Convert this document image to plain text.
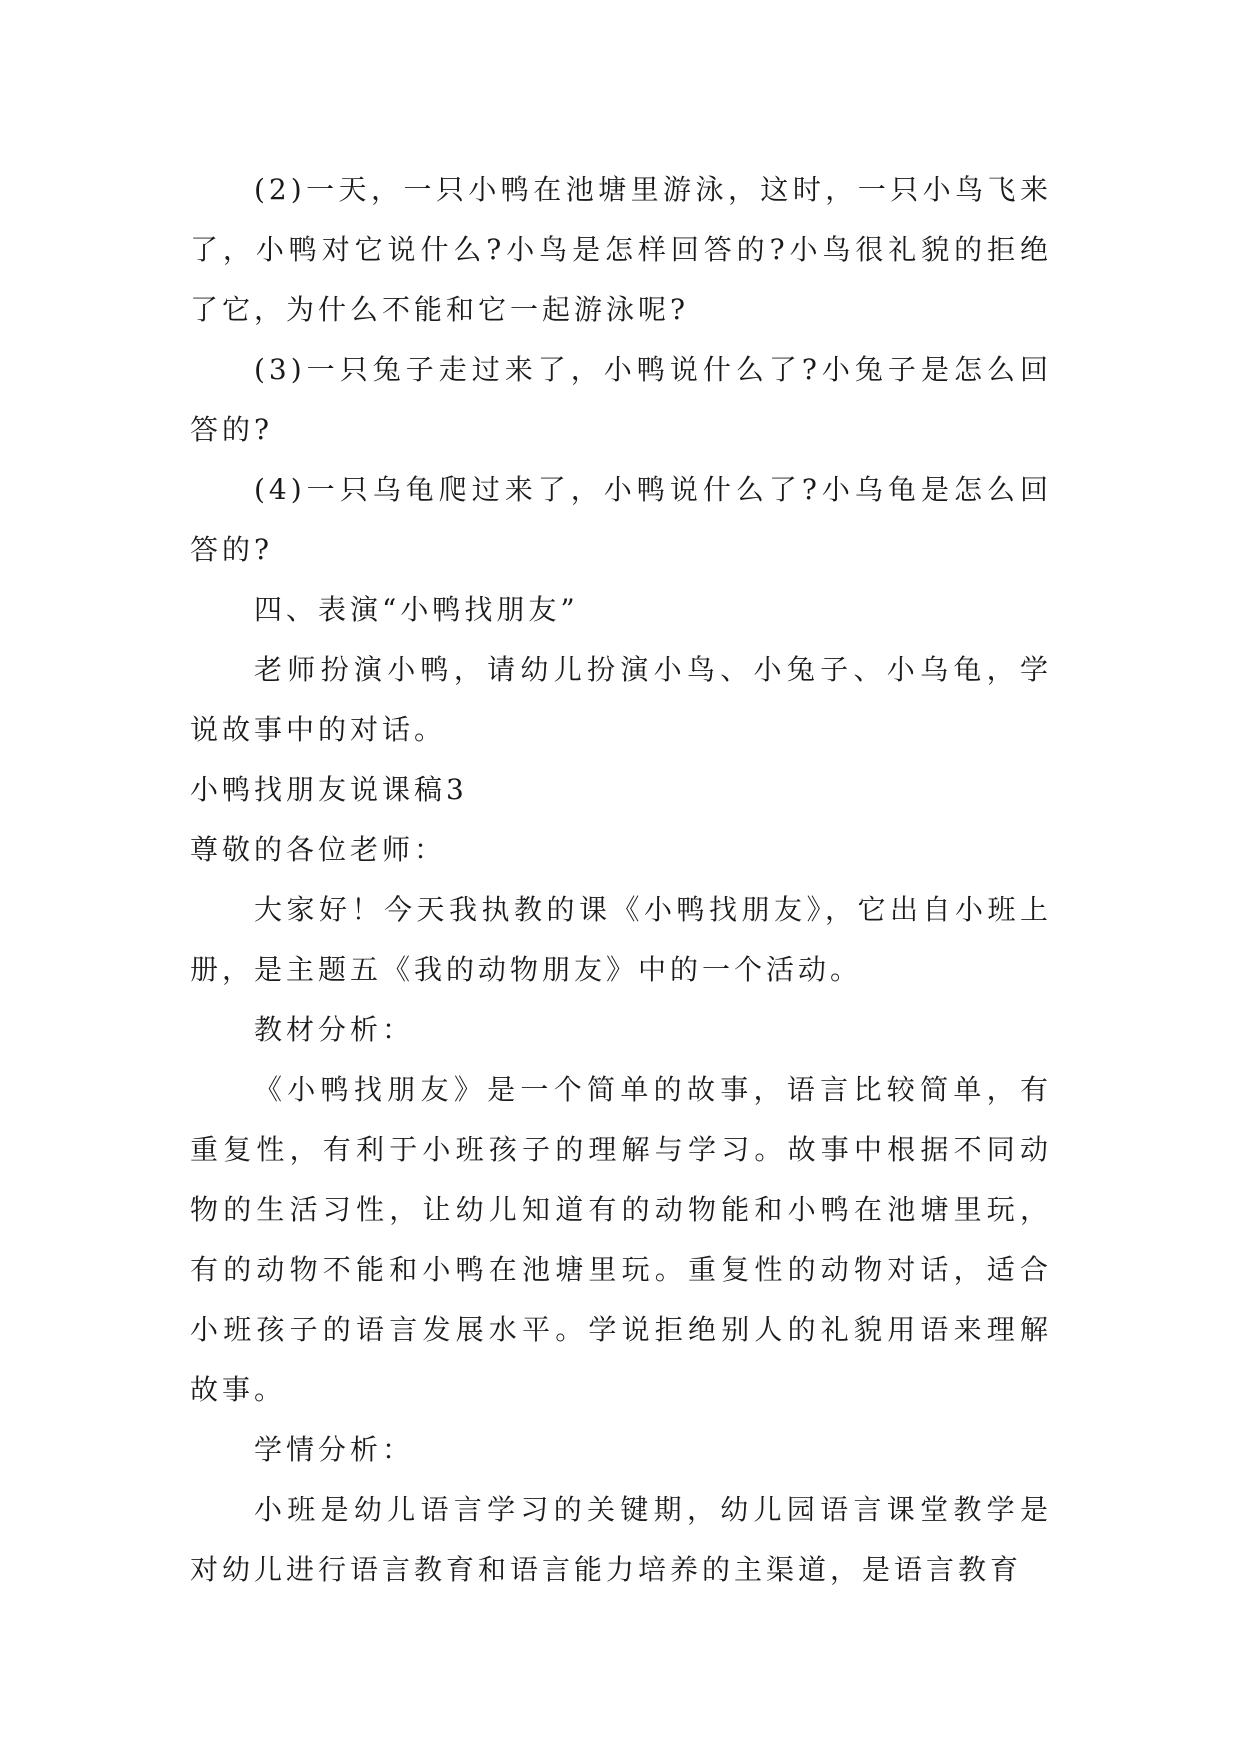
(2)一天，一只小鸭在池塘里游泳，这时，一只小鸟飞来了，小鸭对它说什么?小鸟是怎样回答的?小鸟很礼貌的拒绝了它，为什么不能和它一起游泳呢?

(3)一只兔子走过来了，小鸭说什么了?小兔子是怎么回答的?

(4)一只乌龟爬过来了，小鸭说什么了?小乌龟是怎么回答的?

四、表演“小鸭找朋友”

老师扮演小鸭，请幼儿扮演小鸟、小兔子、小乌龟，学说故事中的对话。

小鸭找朋友说课稿3

尊敬的各位老师：

大家好！今天我执教的课《小鸭找朋友》，它出自小班上册，是主题五《我的动物朋友》中的一个活动。

教材分析：

《小鸭找朋友》是一个简单的故事，语言比较简单，有重复性，有利于小班孩子的理解与学习。故事中根据不同动物的生活习性，让幼儿知道有的动物能和小鸭在池塘里玩，有的动物不能和小鸭在池塘里玩。重复性的动物对话，适合小班孩子的语言发展水平。学说拒绝别人的礼貌用语来理解故事。

学情分析：

小班是幼儿语言学习的关键期，幼儿园语言课堂教学是对幼儿进行语言教育和语言能力培养的主渠道，是语言教育
